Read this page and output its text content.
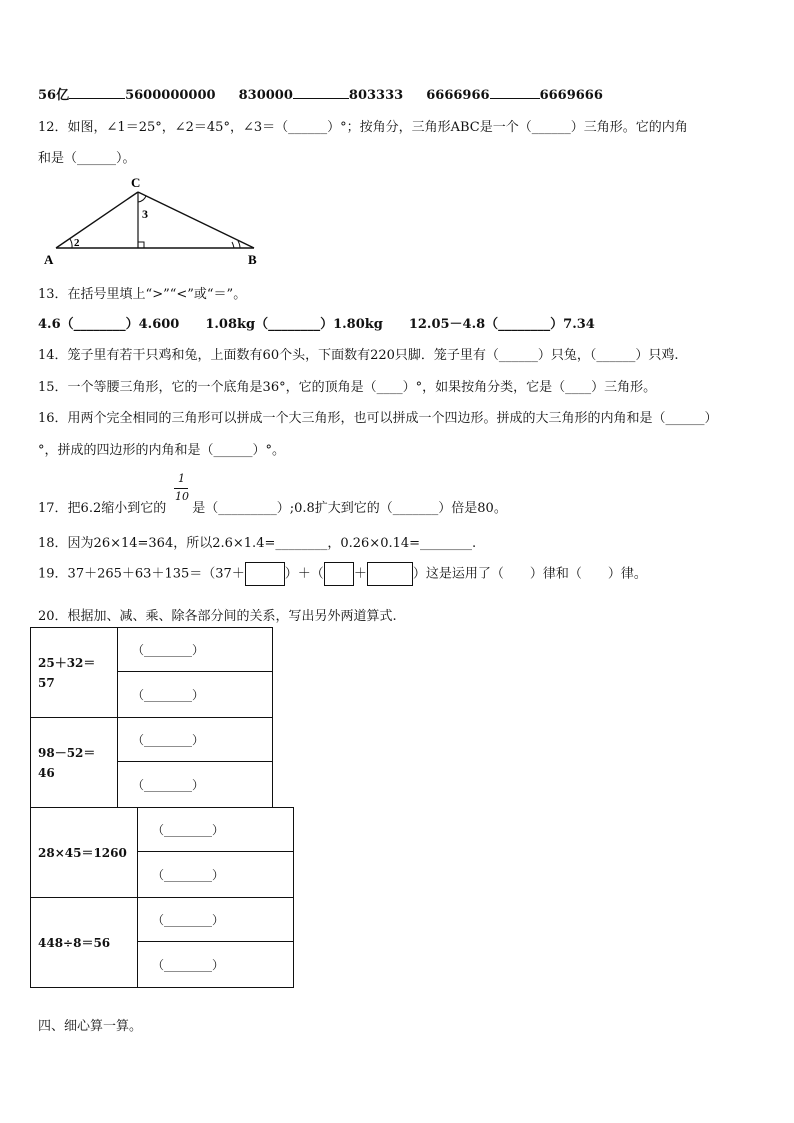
56亿	5600000000 830000	803333 6666966	6669666
12．如图，∠1＝25°，∠2＝45°，∠3＝（______）°；按角分，三角形ABC是一个（______）三角形。它的内角
和是（______）。
C
A	B
3
2
13．在括号里填上“>”“<”或“＝”。
4.6（________）4.600　　1.08kg（________）1.80kg　　12.05－4.8（________）7.34
14．笼子里有若干只鸡和兔，上面数有60个头，下面数有220只脚．笼子里有（______）只兔，（______）只鸡.
15．一个等腰三角形，它的一个底角是36°，它的顶角是（____）°，如果按角分类，它是（____）三角形。
16．用两个完全相同的三角形可以拼成一个大三角形，也可以拼成一个四边形。拼成的大三角形的内角和是（______）
°，拼成的四边形的内角和是（______）°。
1
10
17．把6.2缩小到它的　　是（_________）;0.8扩大到它的（_______）倍是80。
18．因为26×14=364，所以2.6×1.4=________，0.26×0.14=________.
19．37＋265＋63＋135＝（37＋	）＋（ ＋	）这是运用了（　　）律和（　　）律。
20．根据加、减、乘、除各部分间的关系，写出另外两道算式.
25＋32＝
57	（________）
	（________）

98－52＝
46	（________）
	（________）
28×45＝1260	（________）
	（________）

448÷8＝56	（________）
	（________）
四、细心算一算。
